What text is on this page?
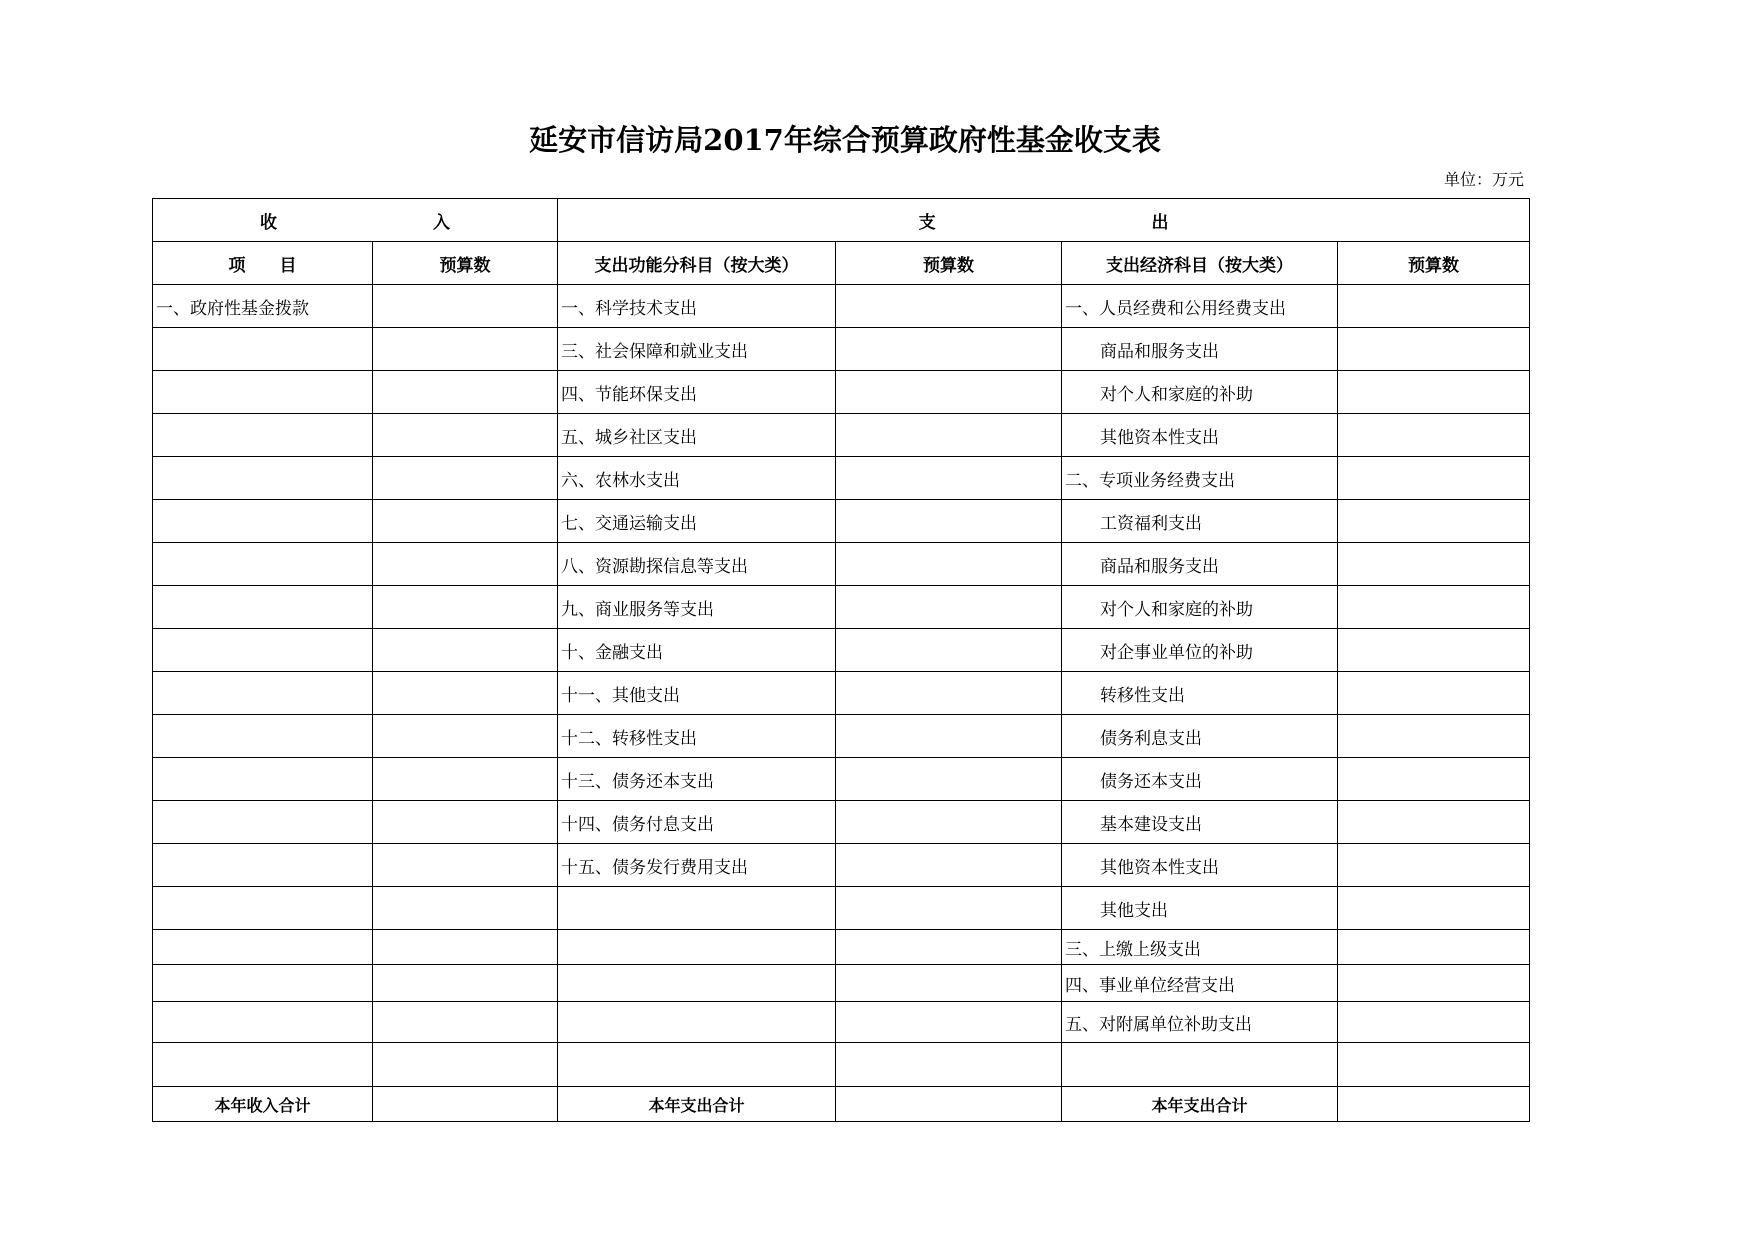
延安市信访局2017年综合预算政府性基金收支表
单位：万元
收 入		支 出			
项 目	预算数	支出功能分科目（按大类）	预算数	支出经济科目（按大类）	预算数
一、政府性基金拨款		一、科学技术支出		一、人员经费和公用经费支出	
		三、社会保障和就业支出		商品和服务支出	
		四、节能环保支出		对个人和家庭的补助	
		五、城乡社区支出		其他资本性支出	
		六、农林水支出		二、专项业务经费支出	
		七、交通运输支出		工资福利支出	
		八、资源勘探信息等支出		商品和服务支出	
		九、商业服务等支出		对个人和家庭的补助	
		十、金融支出		对企事业单位的补助	
		十一、其他支出		转移性支出	
		十二、转移性支出		债务利息支出	
		十三、债务还本支出		债务还本支出	
		十四、债务付息支出		基本建设支出	
		十五、债务发行费用支出		其他资本性支出	
				其他支出	
				三、上缴上级支出	
				四、事业单位经营支出	
				五、对附属单位补助支出	

本年收入合计		本年支出合计		本年支出合计	
